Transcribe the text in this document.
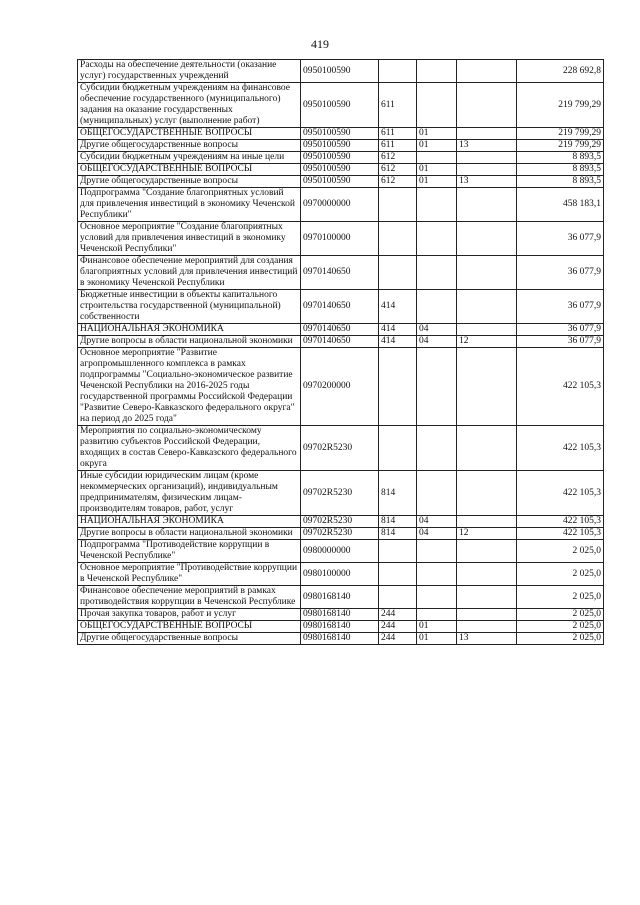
419
Расходы на обеспечение деятельности (оказание услуг) государственных учреждений	0950100590				228 692,8
Субсидии бюджетным учреждениям на финансовое обеспечение государственного (муниципального) задания на оказание государственных (муниципальных) услуг (выполнение работ)	0950100590	611			219 799,29
ОБЩЕГОСУДАРСТВЕННЫЕ ВОПРОСЫ	0950100590	611	01		219 799,29
Другие общегосударственные вопросы	0950100590	611	01	13	219 799,29
Субсидии бюджетным учреждениям на иные цели	0950100590	612			8 893,5
ОБЩЕГОСУДАРСТВЕННЫЕ ВОПРОСЫ	0950100590	612	01		8 893,5
Другие общегосударственные вопросы	0950100590	612	01	13	8 893,5
Подпрограмма "Создание благоприятных условий для привлечения инвестиций в экономику Чеченской Республики"	0970000000				458 183,1
Основное мероприятие "Создание благоприятных условий для привлечения инвестиций в экономику Чеченской Республики"	0970100000				36 077,9
Финансовое обеспечение мероприятий для создания благоприятных условий для привлечения инвестиций в экономику Чеченской Республики	0970140650				36 077,9
Бюджетные инвестиции в объекты капитального строительства государственной (муниципальной) собственности	0970140650	414			36 077,9
НАЦИОНАЛЬНАЯ ЭКОНОМИКА	0970140650	414	04		36 077,9
Другие вопросы в области национальной экономики	0970140650	414	04	12	36 077,9
Основное мероприятие "Развитие агропромышленного комплекса в рамках подпрограммы "Социально-экономическое развитие Чеченской Республики на 2016-2025 годы государственной программы Российской Федерации "Развитие Северо-Кавказского федерального округа" на период до 2025 года"	0970200000				422 105,3
Мероприятия по социально-экономическому развитию субъектов Российской Федерации, входящих в состав Северо-Кавказского федерального округа	09702R5230				422 105,3
Иные субсидии юридическим лицам (кроме некоммерческих организаций), индивидуальным предпринимателям, физическим лицам-производителям товаров, работ, услуг	09702R5230	814			422 105,3
НАЦИОНАЛЬНАЯ ЭКОНОМИКА	09702R5230	814	04		422 105,3
Другие вопросы в области национальной экономики	09702R5230	814	04	12	422 105,3
Подпрограмма "Противодействие коррупции в Чеченской Республике"	0980000000				2 025,0
Основное мероприятие "Противодействие коррупции в Чеченской Республике"	0980100000				2 025,0
Финансовое обеспечение мероприятий в рамках противодействия коррупции в Чеченской Республике	0980168140				2 025,0
Прочая закупка товаров, работ и услуг	0980168140	244			2 025,0
ОБЩЕГОСУДАРСТВЕННЫЕ ВОПРОСЫ	0980168140	244	01		2 025,0
Другие общегосударственные вопросы	0980168140	244	01	13	2 025,0
